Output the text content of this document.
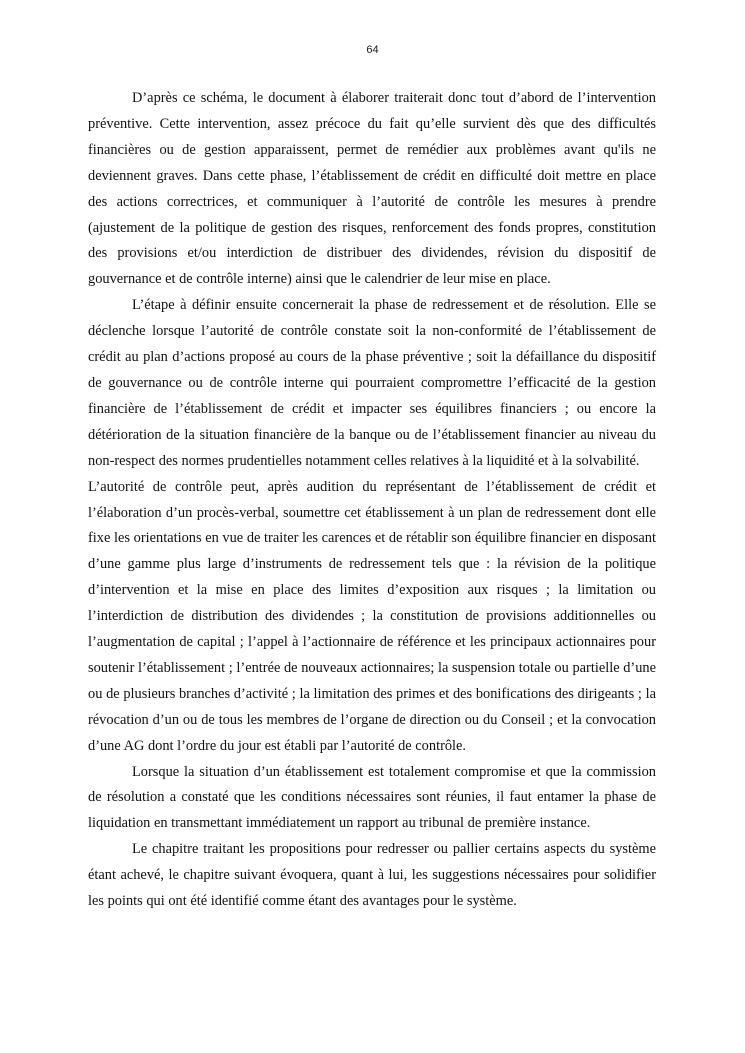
64

D’après ce schéma, le document à élaborer traiterait donc tout d’abord de l’intervention préventive. Cette intervention, assez précoce du fait qu’elle survient dès que des difficultés financières ou de gestion apparaissent, permet de remédier aux problèmes avant qu'ils ne deviennent graves. Dans cette phase, l’établissement de crédit en difficulté doit mettre en place des actions correctrices, et communiquer à l’autorité de contrôle les mesures à prendre (ajustement de la politique de gestion des risques, renforcement des fonds propres, constitution des provisions et/ou interdiction de distribuer des dividendes, révision du dispositif de gouvernance et de contrôle interne) ainsi que le calendrier de leur mise en place.

L’étape à définir ensuite concernerait la phase de redressement et de résolution. Elle se déclenche lorsque l’autorité de contrôle constate soit la non-conformité de l’établissement de crédit au plan d’actions proposé au cours de la phase préventive ; soit la défaillance du dispositif de gouvernance ou de contrôle interne qui pourraient compromettre l’efficacité de la gestion financière de l’établissement de crédit et impacter ses équilibres financiers ; ou encore la détérioration de la situation financière de la banque ou de l’établissement financier au niveau du non-respect des normes prudentielles notamment celles relatives à la liquidité et à la solvabilité.

L’autorité de contrôle peut, après audition du représentant de l’établissement de crédit et l’élaboration d’un procès-verbal, soumettre cet établissement à un plan de redressement dont elle fixe les orientations en vue de traiter les carences et de rétablir son équilibre financier en disposant d’une gamme plus large d’instruments de redressement tels que : la révision de la politique d’intervention et la mise en place des limites d’exposition aux risques ; la limitation ou l’interdiction de distribution des dividendes ; la constitution de provisions additionnelles ou l’augmentation de capital ; l’appel à l’actionnaire de référence et les principaux actionnaires pour soutenir l’établissement ; l’entrée de nouveaux actionnaires; la suspension totale ou partielle d’une ou de plusieurs branches d’activité ; la limitation des primes et des bonifications des dirigeants ; la révocation d’un ou de tous les membres de l’organe de direction ou du Conseil ; et la convocation d’une AG dont l’ordre du jour est établi par l’autorité de contrôle.

Lorsque la situation d’un établissement est totalement compromise et que la commission de résolution a constaté que les conditions nécessaires sont réunies, il faut entamer la phase de liquidation en transmettant immédiatement un rapport au tribunal de première instance.

Le chapitre traitant les propositions pour redresser ou pallier certains aspects du système étant achevé, le chapitre suivant évoquera, quant à lui, les suggestions nécessaires pour solidifier les points qui ont été identifié comme étant des avantages pour le système.
